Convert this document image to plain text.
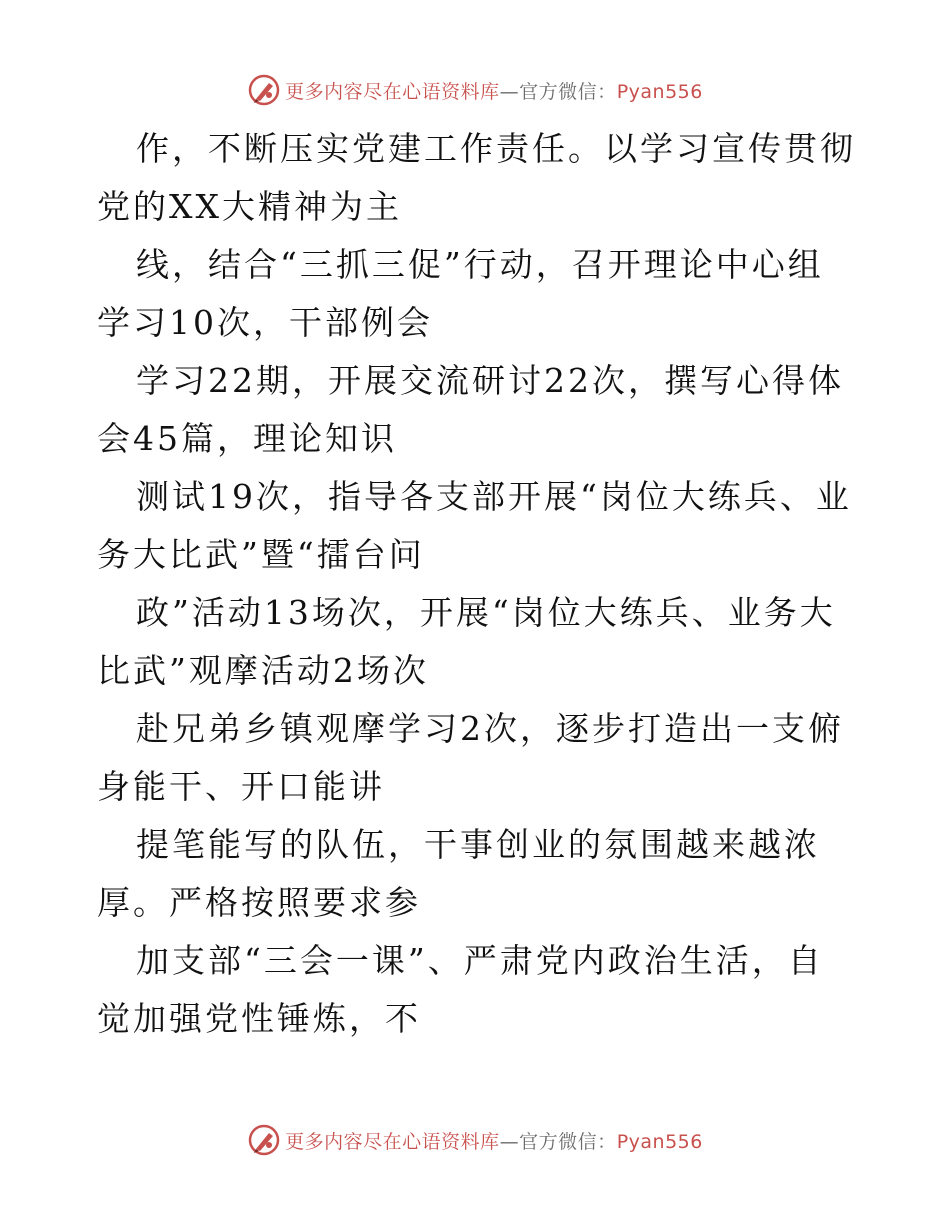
更多内容尽在心语资料库—官方微信：Pyan556

作，不断压实党建工作责任。以学习宣传贯彻党的XX大精神为主

线，结合“三抓三促”行动，召开理论中心组学习10次，干部例会

学习22期，开展交流研讨22次，撰写心得体会45篇，理论知识

测试19次，指导各支部开展“岗位大练兵、业务大比武”暨“擂台问

政”活动13场次，开展“岗位大练兵、业务大比武”观摩活动2场次

赴兄弟乡镇观摩学习2次，逐步打造出一支俯身能干、开口能讲

提笔能写的队伍，干事创业的氛围越来越浓厚。严格按照要求参

加支部“三会一课”、严肃党内政治生活，自觉加强党性锤炼，不

更多内容尽在心语资料库—官方微信：Pyan556
